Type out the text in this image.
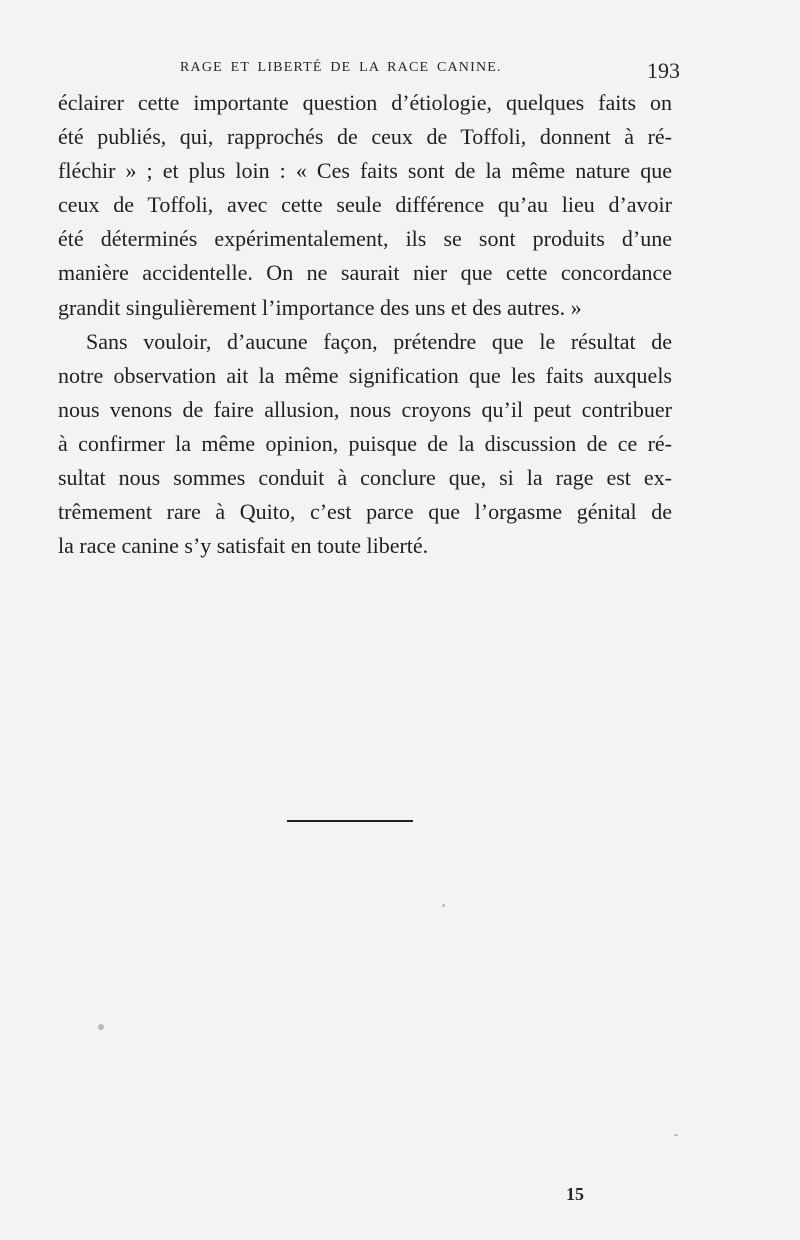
RAGE ET LIBERTÉ DE LA RACE CANINE.	193
éclairer cette importante question d’étiologie, quelques faits on
été publiés, qui, rapprochés de ceux de Toffoli, donnent à ré-
fléchir » ; et plus loin : « Ces faits sont de la même nature que
ceux de Toffoli, avec cette seule différence qu’au lieu d’avoir
été déterminés expérimentalement, ils se sont produits d’une
manière accidentelle. On ne saurait nier que cette concordance
grandit singulièrement l’importance des uns et des autres. »
Sans vouloir, d’aucune façon, prétendre que le résultat de
notre observation ait la même signification que les faits auxquels
nous venons de faire allusion, nous croyons qu’il peut contribuer
à confirmer la même opinion, puisque de la discussion de ce ré-
sultat nous sommes conduit à conclure que, si la rage est ex-
trêmement rare à Quito, c’est parce que l’orgasme génital de
la race canine s’y satisfait en toute liberté.
15
